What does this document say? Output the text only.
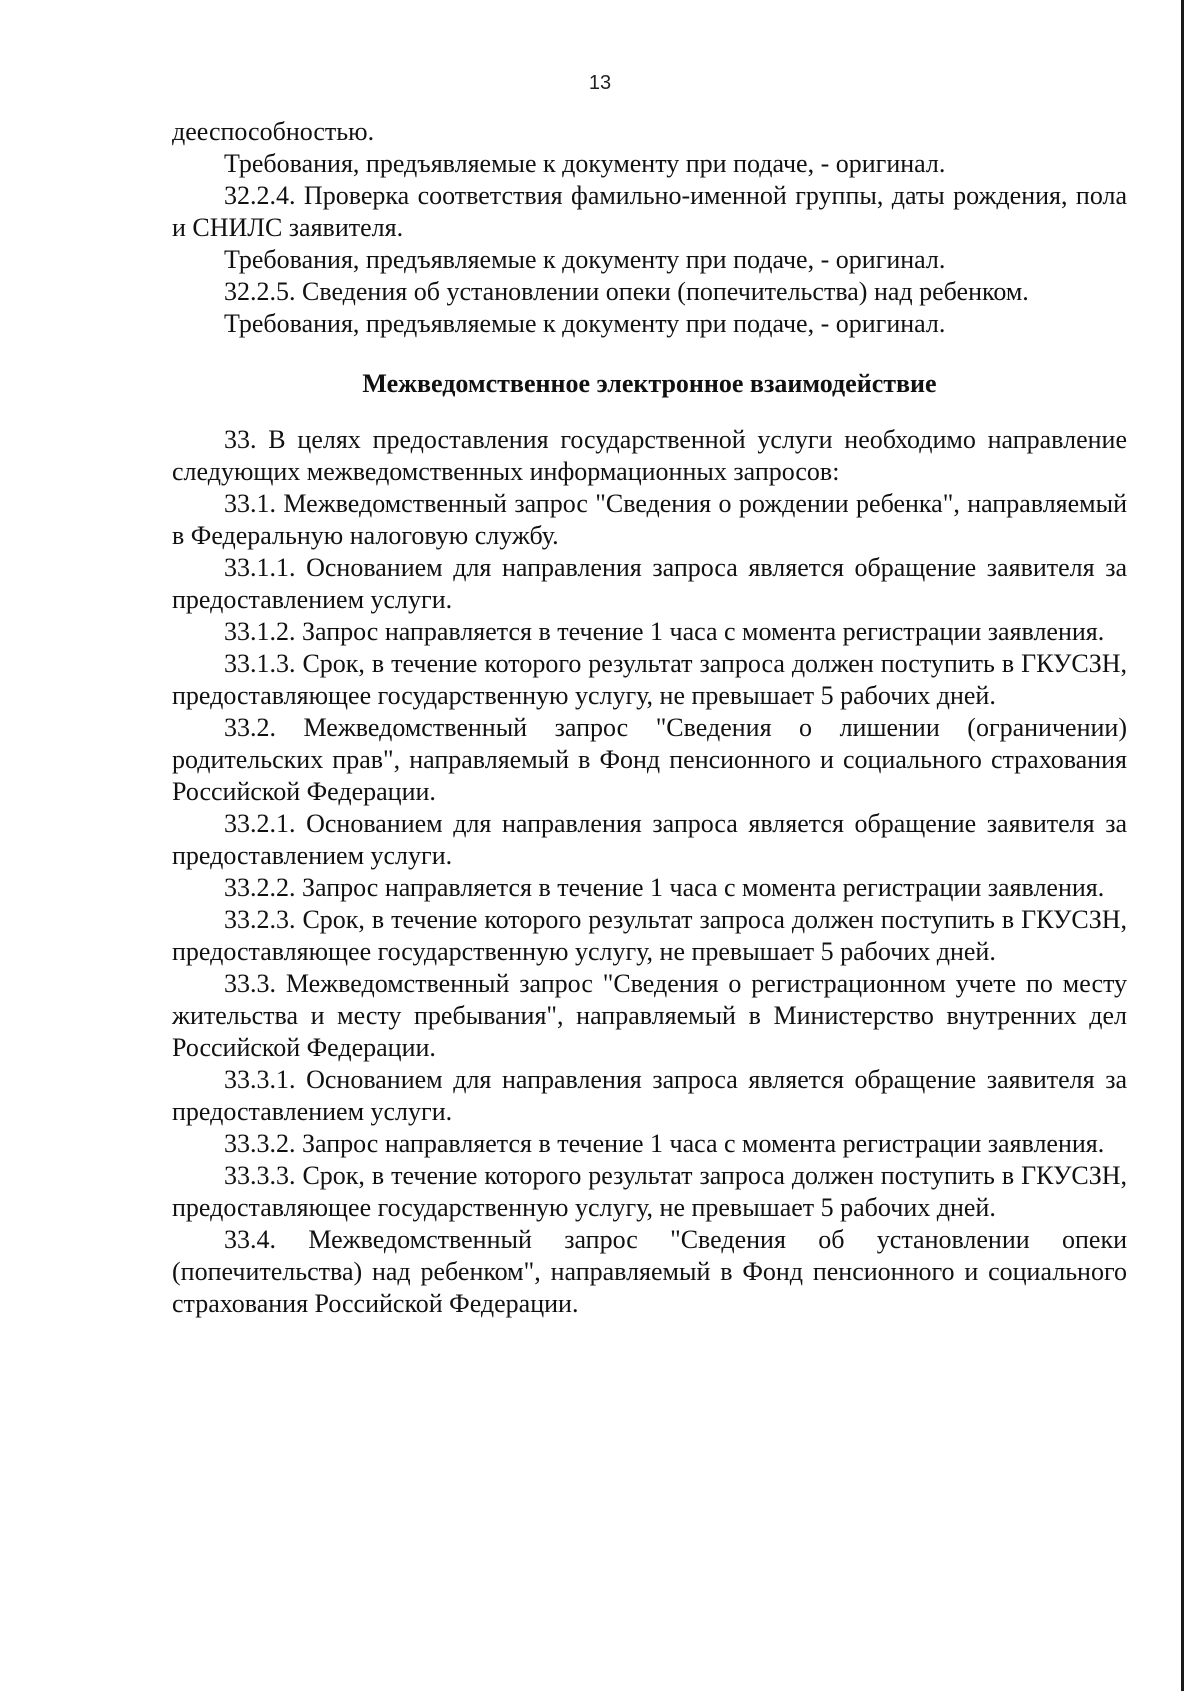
13

дееспособностью.

Требования, предъявляемые к документу при подаче, - оригинал.

32.2.4. Проверка соответствия фамильно-именной группы, даты рождения, пола и СНИЛС заявителя.

Требования, предъявляемые к документу при подаче, - оригинал.

32.2.5. Сведения об установлении опеки (попечительства) над ребенком.

Требования, предъявляемые к документу при подаче, - оригинал.

Межведомственное электронное взаимодействие

33. В целях предоставления государственной услуги необходимо направление следующих межведомственных информационных запросов:

33.1. Межведомственный запрос "Сведения о рождении ребенка", направляемый в Федеральную налоговую службу.

33.1.1. Основанием для направления запроса является обращение заявителя за предоставлением услуги.

33.1.2. Запрос направляется в течение 1 часа с момента регистрации заявления.

33.1.3. Срок, в течение которого результат запроса должен поступить в ГКУСЗН, предоставляющее государственную услугу, не превышает 5 рабочих дней.

33.2. Межведомственный запрос "Сведения о лишении (ограничении) родительских прав", направляемый в Фонд пенсионного и социального страхования Российской Федерации.

33.2.1. Основанием для направления запроса является обращение заявителя за предоставлением услуги.

33.2.2. Запрос направляется в течение 1 часа с момента регистрации заявления.

33.2.3. Срок, в течение которого результат запроса должен поступить в ГКУСЗН, предоставляющее государственную услугу, не превышает 5 рабочих дней.

33.3. Межведомственный запрос "Сведения о регистрационном учете по месту жительства и месту пребывания", направляемый в Министерство внутренних дел Российской Федерации.

33.3.1. Основанием для направления запроса является обращение заявителя за предоставлением услуги.

33.3.2. Запрос направляется в течение 1 часа с момента регистрации заявления.

33.3.3. Срок, в течение которого результат запроса должен поступить в ГКУСЗН, предоставляющее государственную услугу, не превышает 5 рабочих дней.

33.4. Межведомственный запрос "Сведения об установлении опеки (попечительства) над ребенком", направляемый в Фонд пенсионного и социального страхования Российской Федерации.
